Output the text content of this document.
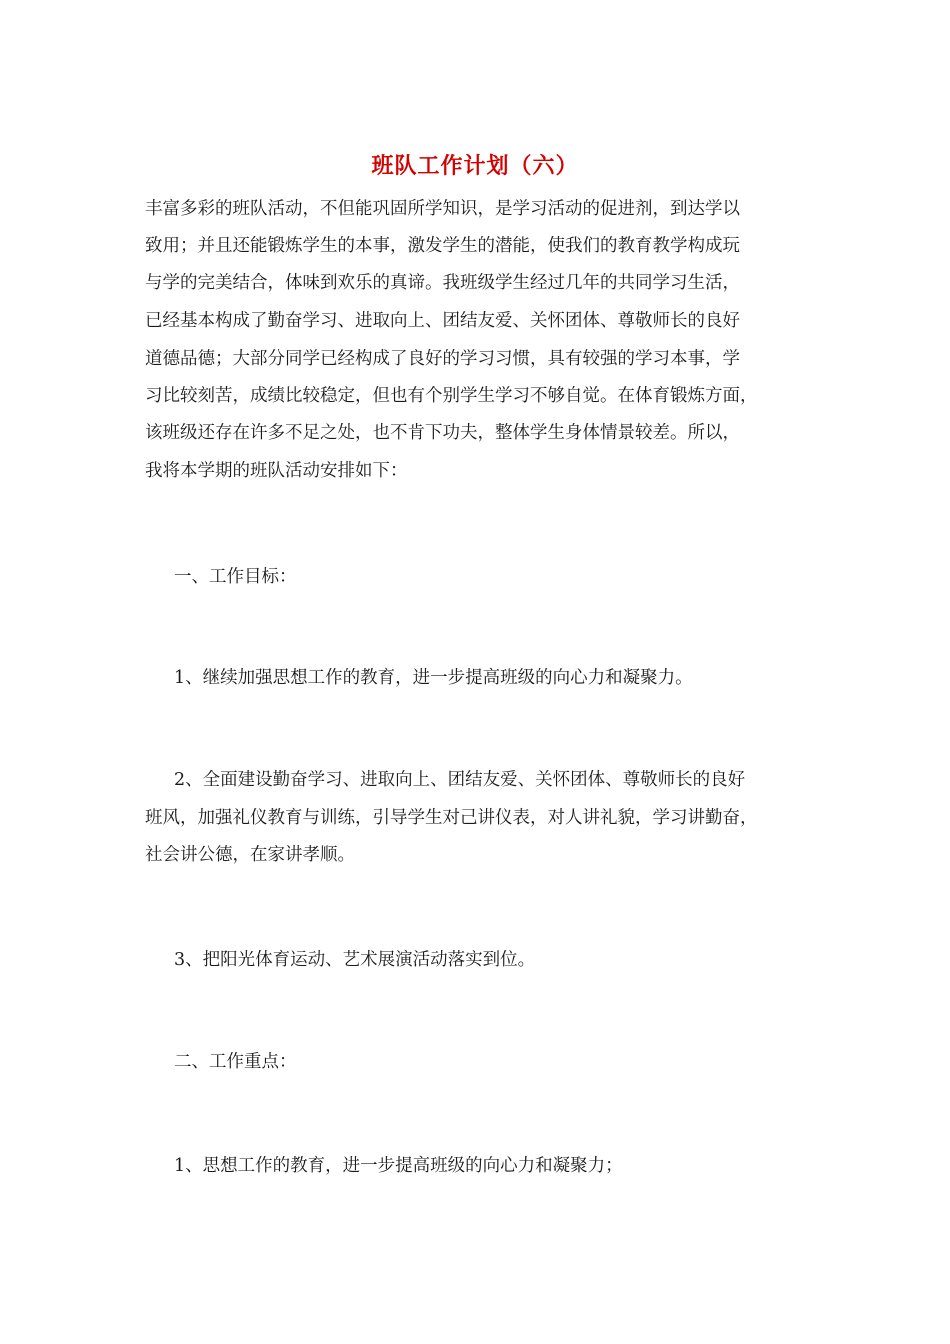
班队工作计划（六）
丰富多彩的班队活动，不但能巩固所学知识，是学习活动的促进剂，到达学以
致用；并且还能锻炼学生的本事，激发学生的潜能，使我们的教育教学构成玩
与学的完美结合，体味到欢乐的真谛。我班级学生经过几年的共同学习生活，
已经基本构成了勤奋学习、进取向上、团结友爱、关怀团体、尊敬师长的良好
道德品德；大部分同学已经构成了良好的学习习惯，具有较强的学习本事，学
习比较刻苦，成绩比较稳定，但也有个别学生学习不够自觉。在体育锻炼方面，
该班级还存在许多不足之处，也不肯下功夫，整体学生身体情景较差。所以，
我将本学期的班队活动安排如下：
一、工作目标：
1、继续加强思想工作的教育，进一步提高班级的向心力和凝聚力。
2、全面建设勤奋学习、进取向上、团结友爱、关怀团体、尊敬师长的良好
班风，加强礼仪教育与训练，引导学生对己讲仪表，对人讲礼貌，学习讲勤奋，
社会讲公德，在家讲孝顺。
3、把阳光体育运动、艺术展演活动落实到位。
二、工作重点：
1、思想工作的教育，进一步提高班级的向心力和凝聚力；
